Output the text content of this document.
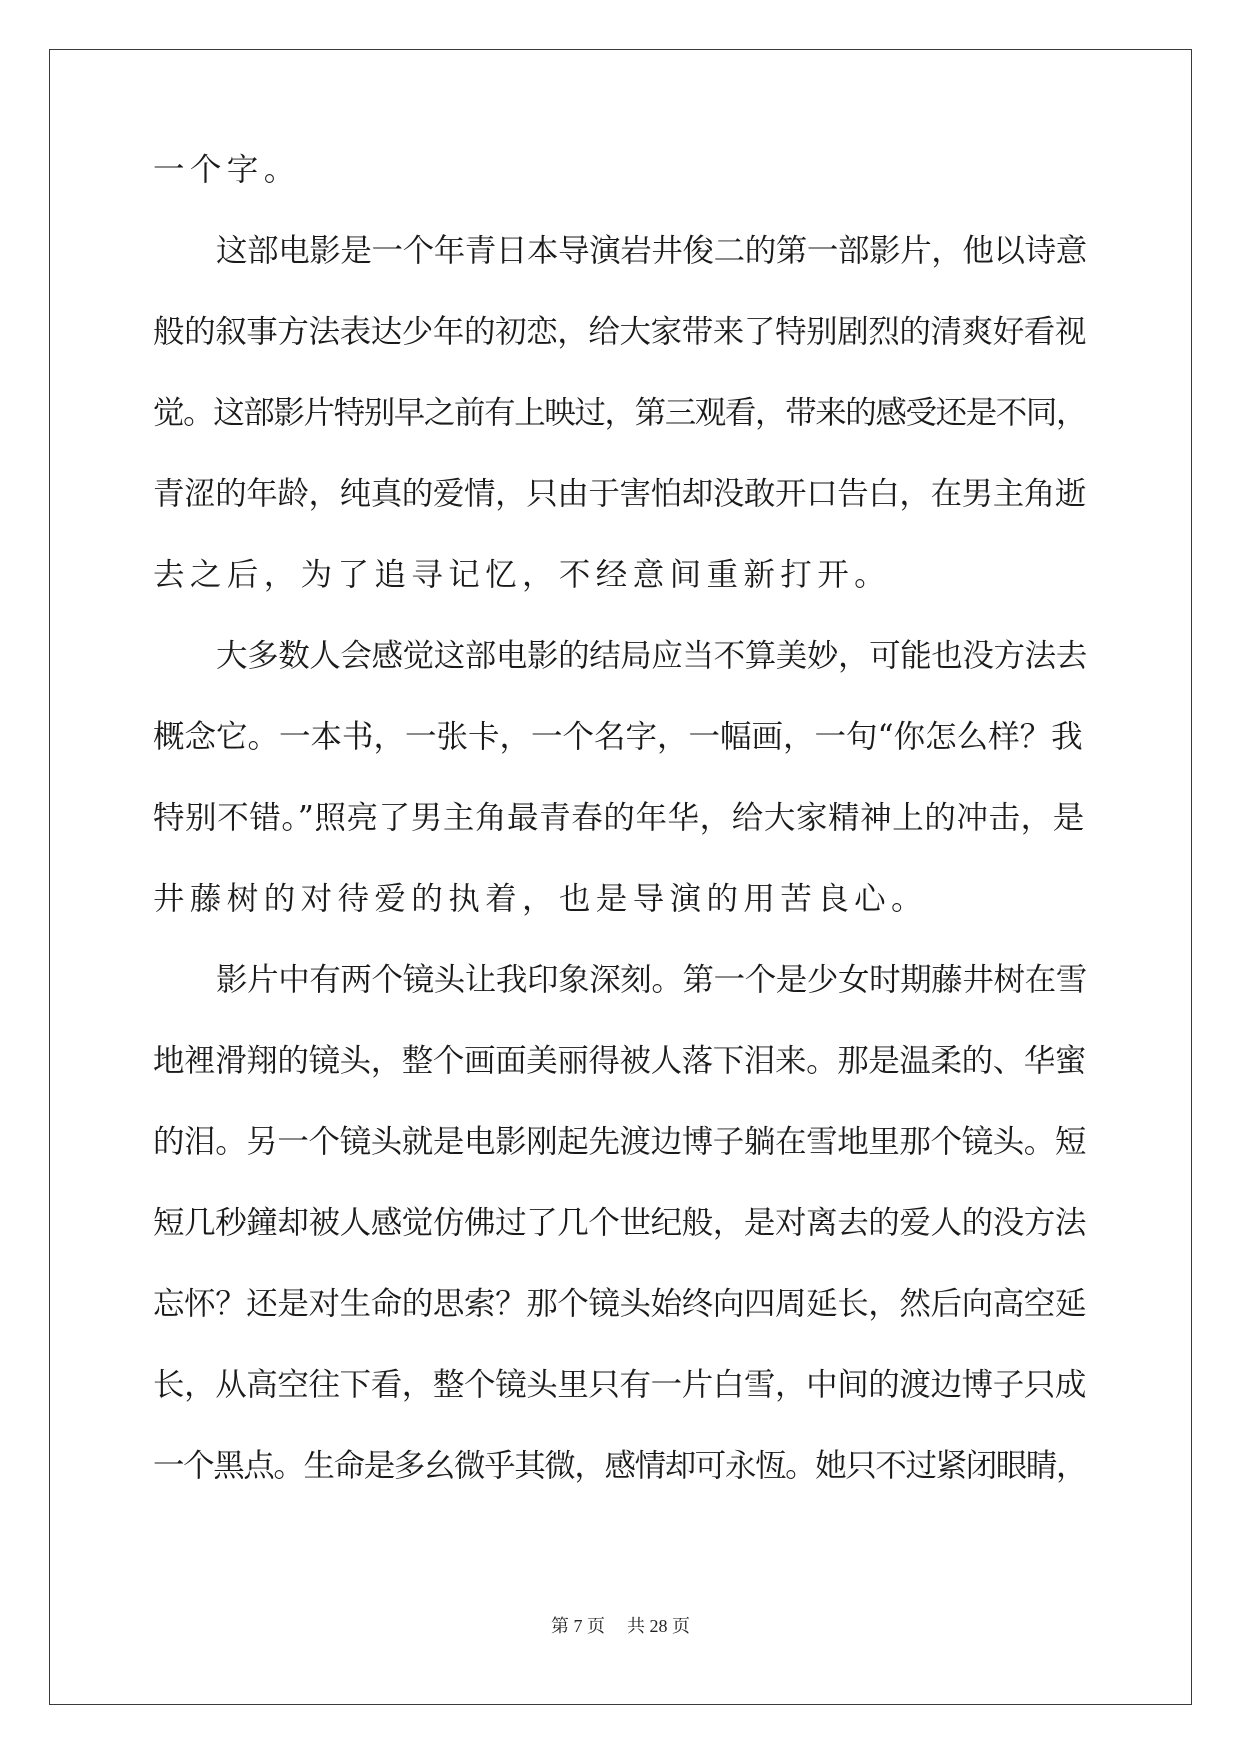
一个字。
这部电影是一个年青日本导演岩井俊二的第一部影片，他以诗意
般的叙事方法表达少年的初恋，给大家带来了特别剧烈的清爽好看视
觉。这部影片特别早之前有上映过，第三观看，带来的感受还是不同，
青涩的年龄，纯真的爱情，只由于害怕却没敢开口告白，在男主角逝
去之后，为了追寻记忆，不经意间重新打开。
大多数人会感觉这部电影的结局应当不算美妙，可能也没方法去
概念它。一本书，一张卡，一个名字，一幅画，一句“你怎么样？我
特别不错。”照亮了男主角最青春的年华，给大家精神上的冲击，是
井藤树的对待爱的执着，也是导演的用苦良心。
影片中有两个镜头让我印象深刻。第一个是少女时期藤井树在雪
地裡滑翔的镜头，整个画面美丽得被人落下泪来。那是温柔的、华蜜
的泪。另一个镜头就是电影刚起先渡边博子躺在雪地里那个镜头。短
短几秒鐘却被人感觉仿佛过了几个世纪般，是对离去的爱人的没方法
忘怀？还是对生命的思索？那个镜头始终向四周延长，然后向高空延
长，从高空往下看，整个镜头里只有一片白雪，中间的渡边博子只成
一个黑点。生命是多幺微乎其微，感情却可永恆。她只不过紧闭眼睛，
第 7 页 共 28 页
